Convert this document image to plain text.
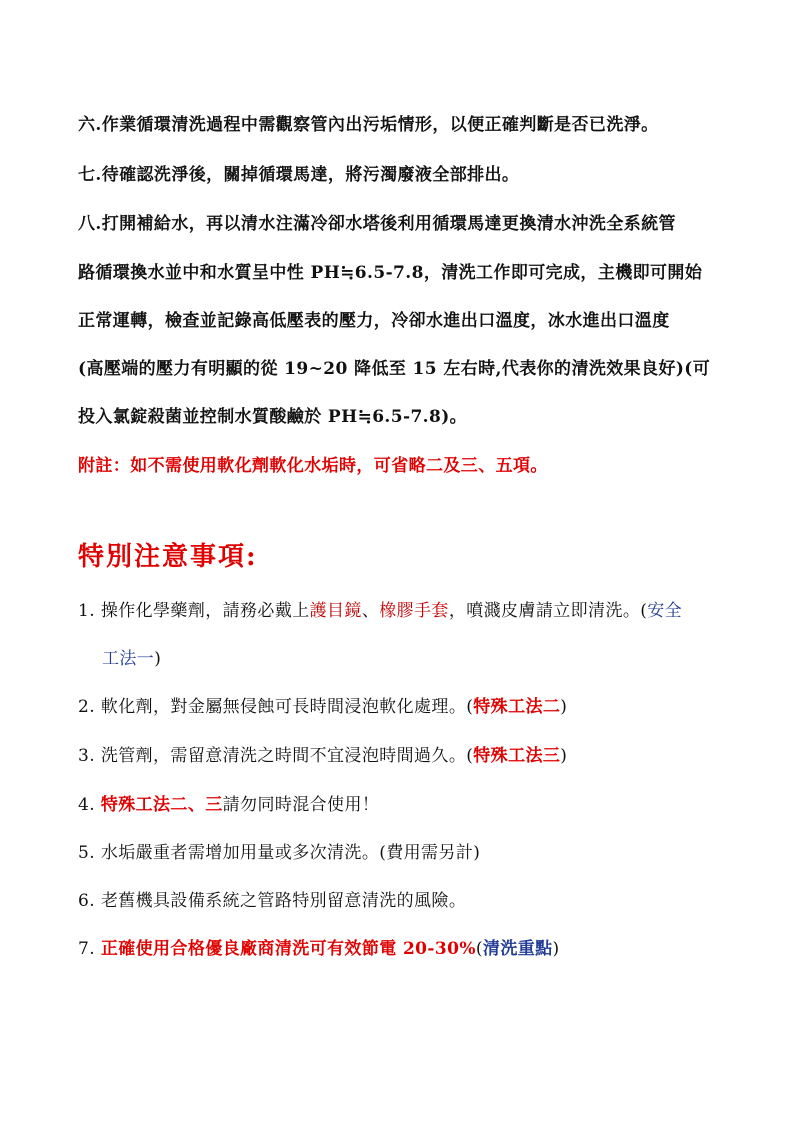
六.作業循環清洗過程中需觀察管內出污垢情形，以便正確判斷是否已洗淨。
七.待確認洗淨後，關掉循環馬達，將污濁廢液全部排出。
八.打開補給水，再以清水注滿冷卻水塔後利用循環馬達更換清水沖洗全系統管
路循環換水並中和水質呈中性 PH≒6.5-7.8，清洗工作即可完成，主機即可開始
正常運轉，檢查並記錄高低壓表的壓力，冷卻水進出口溫度，冰水進出口溫度
(高壓端的壓力有明顯的從 19~20 降低至 15 左右時,代表你的清洗效果良好)(可
投入氯錠殺菌並控制水質酸鹼於 PH≒6.5-7.8)。
附註：如不需使用軟化劑軟化水垢時，可省略二及三、五項。
特別注意事項:
1. 操作化學藥劑，請務必戴上護目鏡、橡膠手套，噴濺皮膚請立即清洗。(安全
工法一)
2. 軟化劑，對金屬無侵蝕可長時間浸泡軟化處理。(特殊工法二)
3. 洗管劑，需留意清洗之時間不宜浸泡時間過久。(特殊工法三)
4. 特殊工法二、三請勿同時混合使用！
5. 水垢嚴重者需增加用量或多次清洗。(費用需另計)
6. 老舊機具設備系統之管路特別留意清洗的風險。
7. 正確使用合格優良廠商清洗可有效節電 20-30%(清洗重點)
